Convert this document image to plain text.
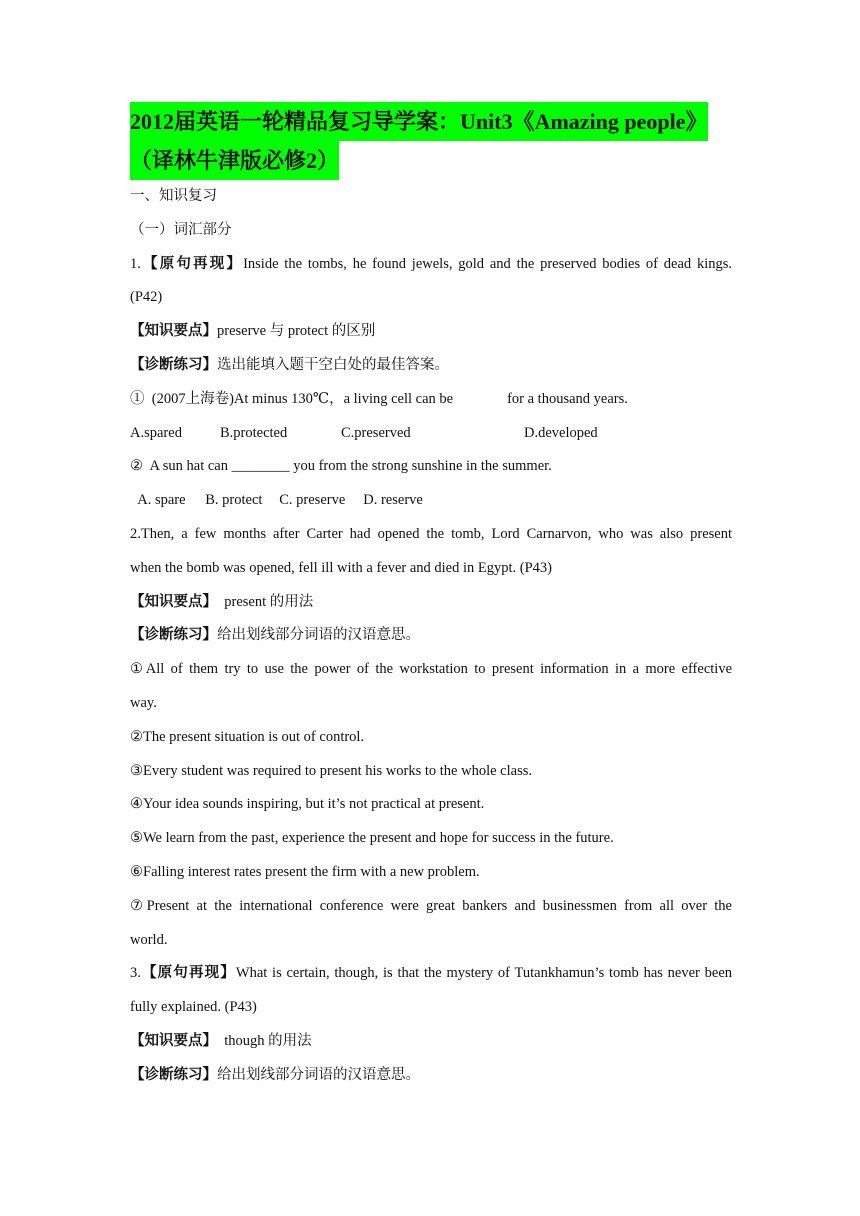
2012届英语一轮精品复习导学案：Unit3《Amazing people》
（译林牛津版必修2）
一、知识复习
（一）词汇部分
1.【原句再现】Inside the tombs, he found jewels, gold and the preserved bodies of dead kings.
(P42)
【知识要点】preserve 与 protect 的区别
【诊断练习】选出能填入题干空白处的最佳答案。
① (2007上海卷)At minus 130℃，a living cell can be	for a thousand years.
A.spared	B.protected	C.preserved	D.developed
② A sun hat can ________ you from the strong sunshine in the summer.
A. spare B. protect C. preserve D. reserve
2.Then, a few months after Carter had opened the tomb, Lord Carnarvon, who was also present
when the bomb was opened, fell ill with a fever and died in Egypt. (P43)
【知识要点】 present 的用法
【诊断练习】给出划线部分词语的汉语意思。
①All of them try to use the power of the workstation to present information in a more effective
way.
②The present situation is out of control.
③Every student was required to present his works to the whole class.
④Your idea sounds inspiring, but it’s not practical at present.
⑤We learn from the past, experience the present and hope for success in the future.
⑥Falling interest rates present the firm with a new problem.
⑦Present at the international conference were great bankers and businessmen from all over the
world.
3.【原句再现】What is certain, though, is that the mystery of Tutankhamun’s tomb has never been
fully explained. (P43)
【知识要点】 though 的用法
【诊断练习】给出划线部分词语的汉语意思。
